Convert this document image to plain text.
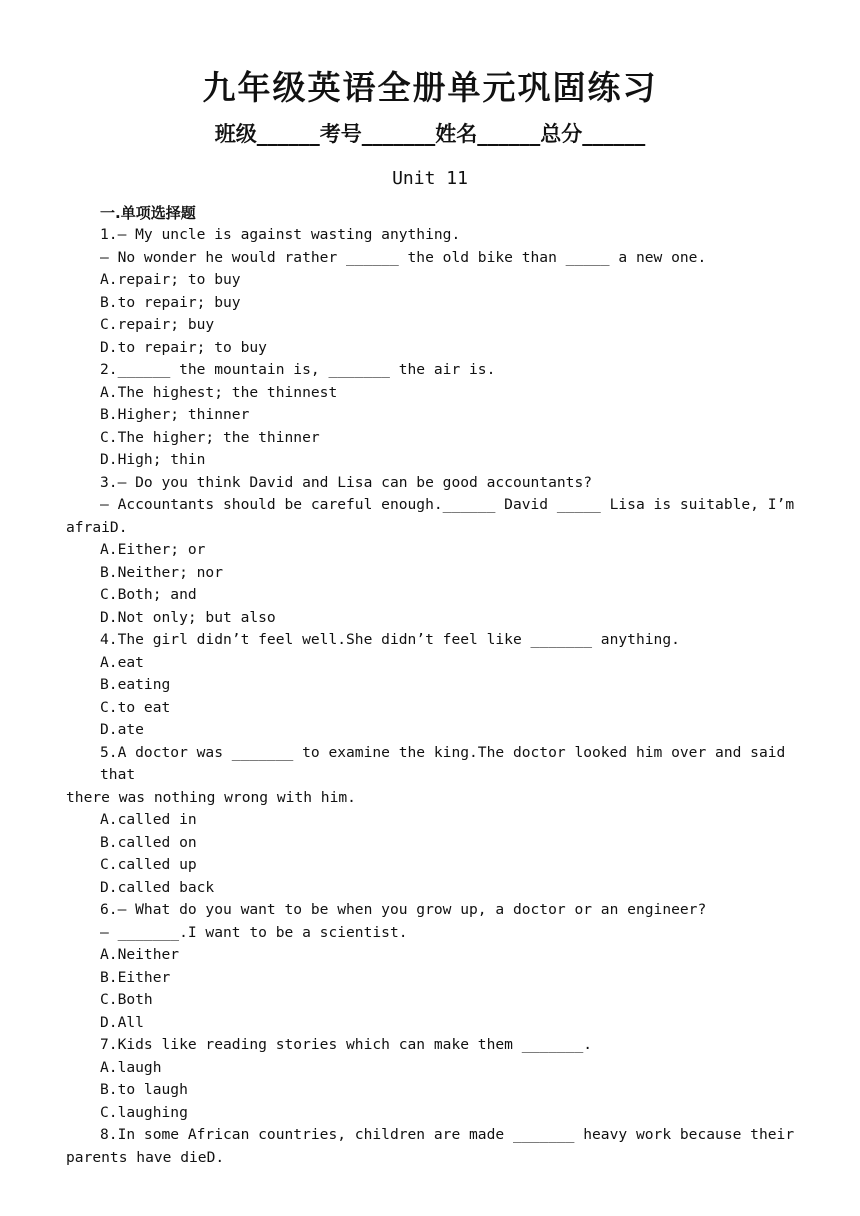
九年级英语全册单元巩固练习
班级______考号_______姓名______总分______
Unit 11
一.单项选择题
1.— My uncle is against wasting anything.
— No wonder he would rather ______ the old bike than _____ a new one.
A.repair; to buy
B.to repair; buy
C.repair; buy
D.to repair; to buy
2.______ the mountain is, _______ the air is.
A.The highest; the thinnest
B.Higher; thinner
C.The higher; the thinner
D.High; thin
3.— Do you think David and Lisa can be good accountants?
— Accountants should be careful enough.______ David _____ Lisa is suitable, I’m
afraiD.
A.Either; or
B.Neither; nor
C.Both; and
D.Not only; but also
4.The girl didn’t feel well.She didn’t feel like _______ anything.
A.eat
B.eating
C.to eat
D.ate
5.A doctor was _______ to examine the king.The doctor looked him over and said that
there was nothing wrong with him.
A.called in
B.called on
C.called up
D.called back
6.— What do you want to be when you grow up, a doctor or an engineer?
— _______.I want to be a scientist.
A.Neither
B.Either
C.Both
D.All
7.Kids like reading stories which can make them _______.
A.laugh
B.to laugh
C.laughing
8.In some African countries, children are made _______ heavy work because their
parents have dieD.
